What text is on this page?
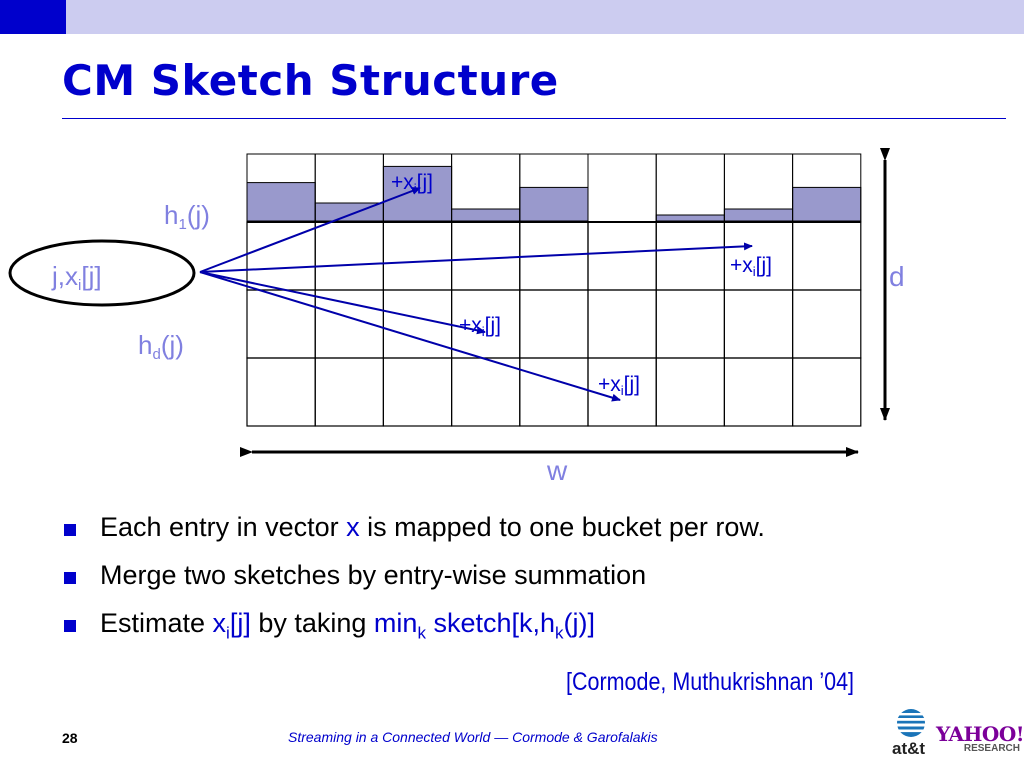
CM Sketch Structure
j,xi[j]
h1(j)
hd(j)
+xi[j]
+xi[j]
+xi[j]
+xi[j]
d
w
Each entry in vector x is mapped to one bucket per row.
Merge two sketches by entry-wise summation
Estimate $x_i[j]$ by taking $\min_k$ $sketch[k,h_k(j)]$
[Cormode, Muthukrishnan ’04]
28	Streaming in a Connected World — Cormode & Garofalakis
at&t
YAHOO!
RESEARCH
